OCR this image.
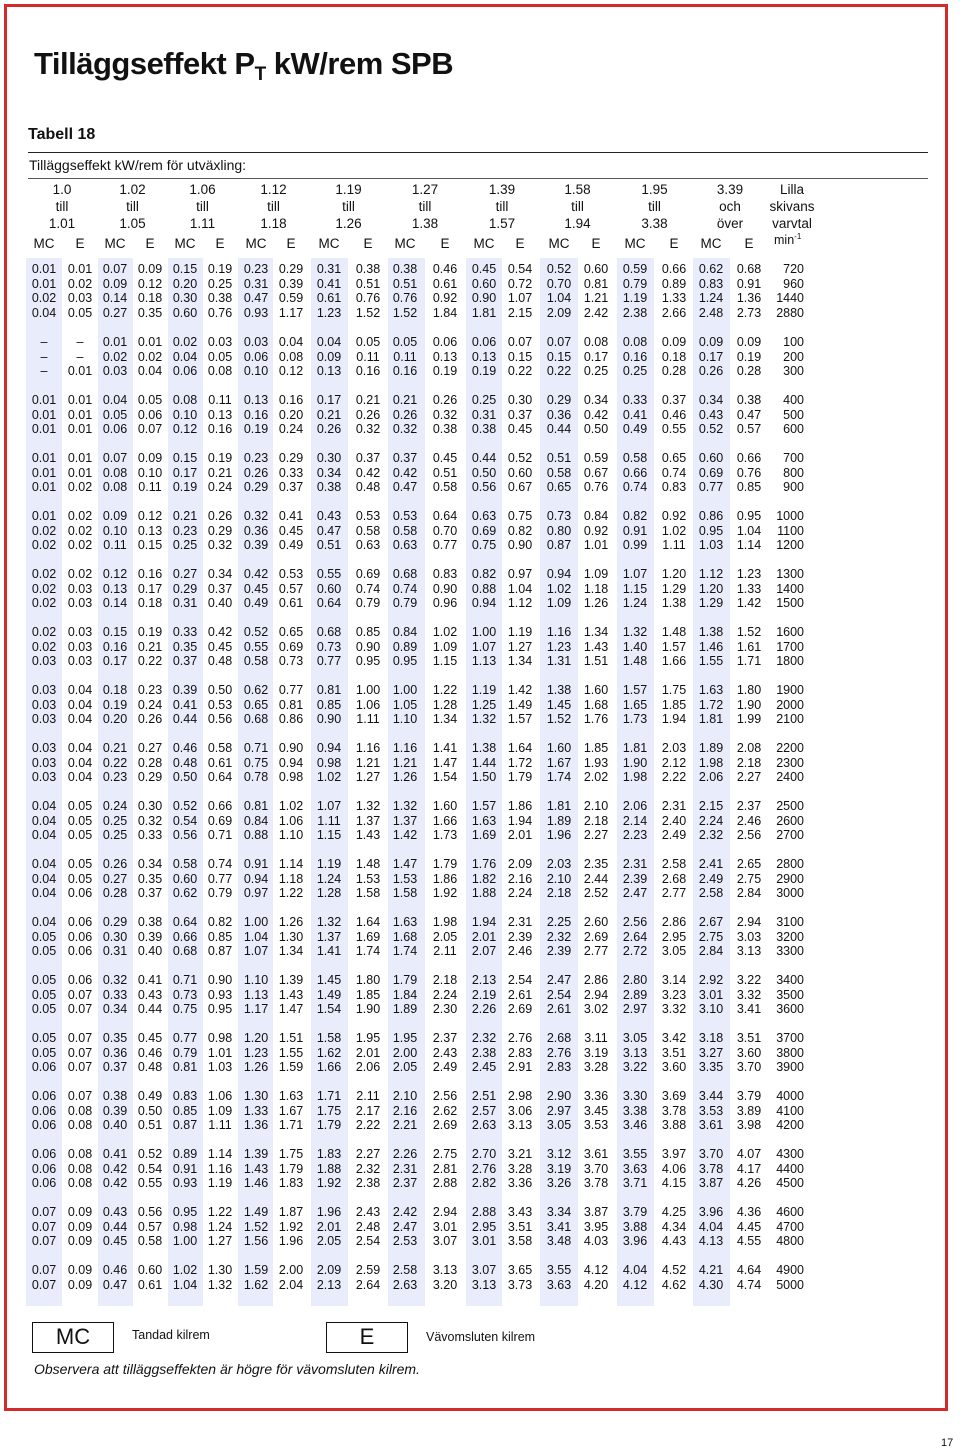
Tilläggseffekt $P_T$ kW/rem SPB
Tabell 18
Tilläggseffekt kW/rem för utväxling:
1.0
till
1.01
MC	E
1.02
till
1.05
MC	E
1.06
till
1.11
MC	E
1.12
till
1.18
MC	E
1.19
till
1.26
MC	E
1.27
till
1.38
MC	E
1.39
till
1.57
MC	E
1.58
till
1.94
MC	E
1.95
till
3.38
MC	E
3.39
och
över
MC	E
Lilla
skivans
varvtal
$\min^{-1}$
0.01 0.01 0.07 0.09 0.15 0.19 0.23 0.29	0.31	0.38	0.38	0.46	0.45 0.54	0.52	0.60	0.59	0.66	0.62	0.68	720
0.01 0.02 0.09 0.12 0.20 0.25 0.31 0.39	0.41	0.51	0.51	0.61	0.60 0.72	0.70	0.81	0.79	0.89	0.83	0.91	960
0.02 0.03 0.14 0.18 0.30 0.38 0.47 0.59	0.61	0.76	0.76	0.92	0.90 1.07	1.04	1.21	1.19	1.33	1.24	1.36	1440
0.04 0.05 0.27 0.35 0.60 0.76 0.93 1.17	1.23	1.52	1.52	1.84	1.81 2.15	2.09	2.42	2.38	2.66	2.48	2.73	2880
–	–	0.01 0.01 0.02 0.03 0.03 0.04	0.04	0.05	0.05	0.06	0.06 0.07	0.07	0.08	0.08	0.09	0.09	0.09	100
–	–	0.02 0.02 0.04 0.05 0.06 0.08	0.09	0.11	0.11	0.13	0.13 0.15	0.15	0.17	0.16	0.18	0.17	0.19	200
–	0.01 0.03 0.04 0.06 0.08 0.10 0.12	0.13	0.16	0.16	0.19	0.19 0.22	0.22	0.25	0.25	0.28	0.26	0.28	300
0.01 0.01 0.04 0.05 0.08 0.11 0.13 0.16	0.17	0.21	0.21	0.26	0.25 0.30	0.29	0.34	0.33	0.37	0.34	0.38	400
0.01 0.01 0.05 0.06 0.10 0.13 0.16 0.20	0.21	0.26	0.26	0.32	0.31 0.37	0.36	0.42	0.41	0.46	0.43	0.47	500
0.01 0.01 0.06 0.07 0.12 0.16 0.19 0.24	0.26	0.32	0.32	0.38	0.38 0.45	0.44	0.50	0.49	0.55	0.52	0.57	600
0.01 0.01 0.07 0.09 0.15 0.19 0.23 0.29	0.30	0.37	0.37	0.45	0.44 0.52	0.51	0.59	0.58	0.65	0.60	0.66	700
0.01 0.01 0.08 0.10 0.17 0.21 0.26 0.33	0.34	0.42	0.42	0.51	0.50 0.60	0.58	0.67	0.66	0.74	0.69	0.76	800
0.01 0.02 0.08 0.11 0.19 0.24 0.29 0.37	0.38	0.48	0.47	0.58	0.56 0.67	0.65	0.76	0.74	0.83	0.77	0.85	900
0.01 0.02 0.09 0.12 0.21 0.26 0.32 0.41	0.43	0.53	0.53	0.64	0.63 0.75	0.73	0.84	0.82	0.92	0.86	0.95	1000
0.02 0.02 0.10 0.13 0.23 0.29 0.36 0.45	0.47	0.58	0.58	0.70	0.69 0.82	0.80	0.92	0.91	1.02	0.95	1.04	1100
0.02 0.02 0.11 0.15 0.25 0.32 0.39 0.49	0.51	0.63	0.63	0.77	0.75 0.90	0.87	1.01	0.99	1.11	1.03	1.14	1200
0.02 0.02 0.12 0.16 0.27 0.34 0.42 0.53	0.55	0.69	0.68	0.83	0.82 0.97	0.94	1.09	1.07	1.20	1.12	1.23	1300
0.02 0.03 0.13 0.17 0.29 0.37 0.45 0.57	0.60	0.74	0.74	0.90	0.88 1.04	1.02	1.18	1.15	1.29	1.20	1.33	1400
0.02 0.03 0.14 0.18 0.31 0.40 0.49 0.61	0.64	0.79	0.79	0.96	0.94 1.12	1.09	1.26	1.24	1.38	1.29	1.42	1500
0.02 0.03 0.15 0.19 0.33 0.42 0.52 0.65	0.68	0.85	0.84	1.02	1.00 1.19	1.16	1.34	1.32	1.48	1.38	1.52	1600
0.02 0.03 0.16 0.21 0.35 0.45 0.55 0.69	0.73	0.90	0.89	1.09	1.07 1.27	1.23	1.43	1.40	1.57	1.46	1.61	1700
0.03 0.03 0.17 0.22 0.37 0.48 0.58 0.73	0.77	0.95	0.95	1.15	1.13 1.34	1.31	1.51	1.48	1.66	1.55	1.71	1800
0.03 0.04 0.18 0.23 0.39 0.50 0.62 0.77	0.81	1.00	1.00	1.22	1.19 1.42	1.38	1.60	1.57	1.75	1.63	1.80	1900
0.03 0.04 0.19 0.24 0.41 0.53 0.65 0.81	0.85	1.06	1.05	1.28	1.25 1.49	1.45	1.68	1.65	1.85	1.72	1.90	2000
0.03 0.04 0.20 0.26 0.44 0.56 0.68 0.86	0.90	1.11	1.10	1.34	1.32 1.57	1.52	1.76	1.73	1.94	1.81	1.99	2100
0.03 0.04 0.21 0.27 0.46 0.58 0.71 0.90	0.94	1.16	1.16	1.41	1.38 1.64	1.60	1.85	1.81	2.03	1.89	2.08	2200
0.03 0.04 0.22 0.28 0.48 0.61 0.75 0.94	0.98	1.21	1.21	1.47	1.44 1.72	1.67	1.93	1.90	2.12	1.98	2.18	2300
0.03 0.04 0.23 0.29 0.50 0.64 0.78 0.98	1.02	1.27	1.26	1.54	1.50 1.79	1.74	2.02	1.98	2.22	2.06	2.27	2400
0.04 0.05 0.24 0.30 0.52 0.66 0.81 1.02	1.07	1.32	1.32	1.60	1.57 1.86	1.81	2.10	2.06	2.31	2.15	2.37	2500
0.04 0.05 0.25 0.32 0.54 0.69 0.84 1.06	1.11	1.37	1.37	1.66	1.63 1.94	1.89	2.18	2.14	2.40	2.24	2.46	2600
0.04 0.05 0.25 0.33 0.56 0.71 0.88 1.10	1.15	1.43	1.42	1.73	1.69 2.01	1.96	2.27	2.23	2.49	2.32	2.56	2700
0.04 0.05 0.26 0.34 0.58 0.74 0.91 1.14	1.19	1.48	1.47	1.79	1.76 2.09	2.03	2.35	2.31	2.58	2.41	2.65	2800
0.04 0.05 0.27 0.35 0.60 0.77 0.94 1.18	1.24	1.53	1.53	1.86	1.82 2.16	2.10	2.44	2.39	2.68	2.49	2.75	2900
0.04 0.06 0.28 0.37 0.62 0.79 0.97 1.22	1.28	1.58	1.58	1.92	1.88 2.24	2.18	2.52	2.47	2.77	2.58	2.84	3000
0.04 0.06 0.29 0.38 0.64 0.82 1.00 1.26	1.32	1.64	1.63	1.98	1.94 2.31	2.25	2.60	2.56	2.86	2.67	2.94	3100
0.05 0.06 0.30 0.39 0.66 0.85 1.04 1.30	1.37	1.69	1.68	2.05	2.01 2.39	2.32	2.69	2.64	2.95	2.75	3.03	3200
0.05 0.06 0.31 0.40 0.68 0.87 1.07 1.34	1.41	1.74	1.74	2.11	2.07 2.46	2.39	2.77	2.72	3.05	2.84	3.13	3300
0.05 0.06 0.32 0.41 0.71 0.90 1.10 1.39	1.45	1.80	1.79	2.18	2.13 2.54	2.47	2.86	2.80	3.14	2.92	3.22	3400
0.05 0.07 0.33 0.43 0.73 0.93 1.13 1.43	1.49	1.85	1.84	2.24	2.19 2.61	2.54	2.94	2.89	3.23	3.01	3.32	3500
0.05 0.07 0.34 0.44 0.75 0.95 1.17 1.47	1.54	1.90	1.89	2.30	2.26 2.69	2.61	3.02	2.97	3.32	3.10	3.41	3600
0.05 0.07 0.35 0.45 0.77 0.98 1.20 1.51	1.58	1.95	1.95	2.37	2.32 2.76	2.68	3.11	3.05	3.42	3.18	3.51	3700
0.05 0.07 0.36 0.46 0.79 1.01 1.23 1.55	1.62	2.01	2.00	2.43	2.38 2.83	2.76	3.19	3.13	3.51	3.27	3.60	3800
0.06 0.07 0.37 0.48 0.81 1.03 1.26 1.59	1.66	2.06	2.05	2.49	2.45 2.91	2.83	3.28	3.22	3.60	3.35	3.70	3900
0.06 0.07 0.38 0.49 0.83 1.06 1.30 1.63	1.71	2.11	2.10	2.56	2.51 2.98	2.90	3.36	3.30	3.69	3.44	3.79	4000
0.06 0.08 0.39 0.50 0.85 1.09 1.33 1.67	1.75	2.17	2.16	2.62	2.57 3.06	2.97	3.45	3.38	3.78	3.53	3.89	4100
0.06 0.08 0.40 0.51 0.87 1.11 1.36 1.71	1.79	2.22	2.21	2.69	2.63 3.13	3.05	3.53	3.46	3.88	3.61	3.98	4200
0.06 0.08 0.41 0.52 0.89 1.14 1.39 1.75	1.83	2.27	2.26	2.75	2.70 3.21	3.12	3.61	3.55	3.97	3.70	4.07	4300
0.06 0.08 0.42 0.54 0.91 1.16 1.43 1.79	1.88	2.32	2.31	2.81	2.76 3.28	3.19	3.70	3.63	4.06	3.78	4.17	4400
0.06 0.08 0.42 0.55 0.93 1.19 1.46 1.83	1.92	2.38	2.37	2.88	2.82 3.36	3.26	3.78	3.71	4.15	3.87	4.26	4500
0.07 0.09 0.43 0.56 0.95 1.22 1.49 1.87	1.96	2.43	2.42	2.94	2.88 3.43	3.34	3.87	3.79	4.25	3.96	4.36	4600
0.07 0.09 0.44 0.57 0.98 1.24 1.52 1.92	2.01	2.48	2.47	3.01	2.95 3.51	3.41	3.95	3.88	4.34	4.04	4.45	4700
0.07 0.09 0.45 0.58 1.00 1.27 1.56 1.96	2.05	2.54	2.53	3.07	3.01 3.58	3.48	4.03	3.96	4.43	4.13	4.55	4800
0.07 0.09 0.46 0.60 1.02 1.30 1.59 2.00	2.09	2.59	2.58	3.13	3.07 3.65	3.55	4.12	4.04	4.52	4.21	4.64	4900
0.07 0.09 0.47 0.61 1.04 1.32 1.62 2.04	2.13	2.64	2.63	3.20	3.13 3.73	3.63	4.20	4.12	4.62	4.30	4.74	5000
MC	Tandad kilrem	E	Vävomsluten kilrem
Observera att tilläggseffekten är högre för vävomsluten kilrem.
17
